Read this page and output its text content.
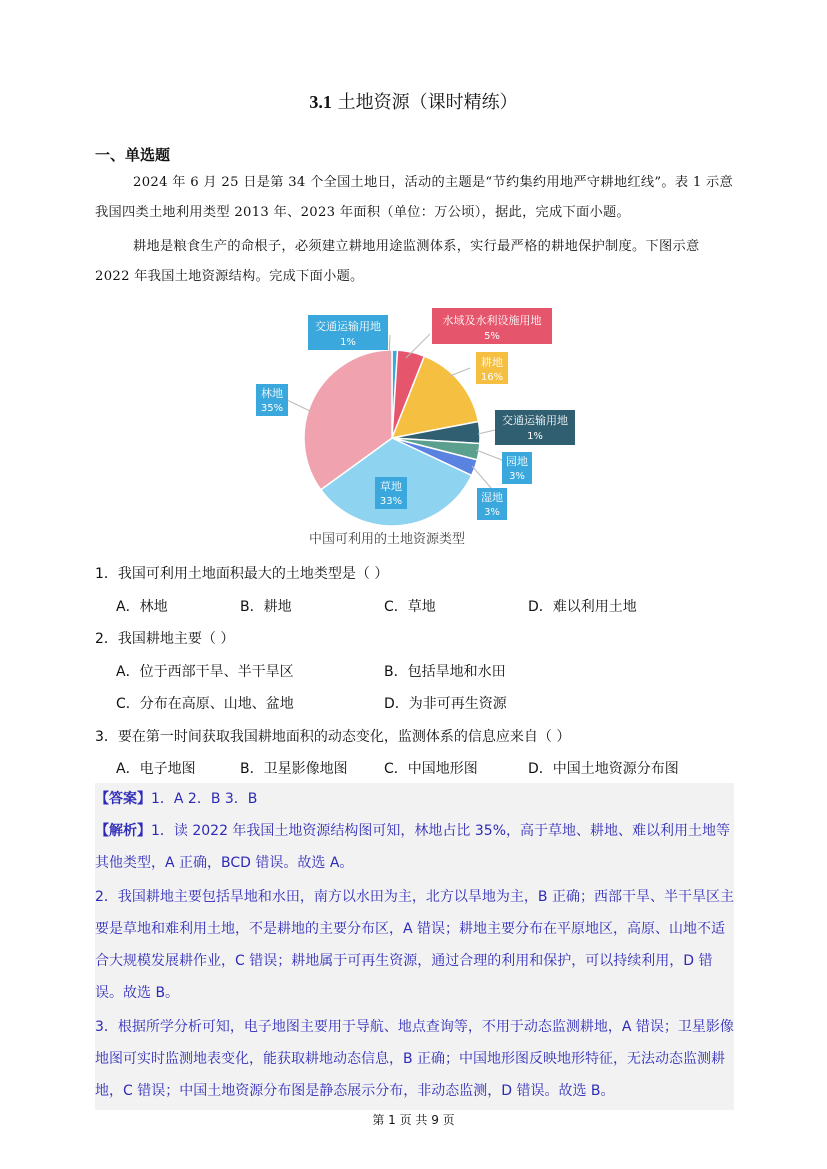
3.1 土地资源（课时精练）
一、单选题
2024 年 6 月 25 日是第 34 个全国土地日，活动的主题是“节约集约用地严守耕地红线”。表 1 示意我国四类土地利用类型 2013 年、2023 年面积（单位：万公顷），据此，完成下面小题。
耕地是粮食生产的命根子，必须建立耕地用途监测体系，实行最严格的耕地保护制度。下图示意 2022 年我国土地资源结构。完成下面小题。
交通运输用地
1%
水域及水利设施用地
5%
耕地
16%
交通运输用地
1%
园地
3%
湿地
3%
草地
33%
林地
35%
中国可利用的土地资源类型
1．我国可利用土地面积最大的土地类型是（ ）
A．林地	B．耕地	C．草地	D．难以利用土地
2．我国耕地主要（ ）
A．位于西部干旱、半干旱区	B．包括旱地和水田
C．分布在高原、山地、盆地	D．为非可再生资源
3．要在第一时间获取我国耕地面积的动态变化，监测体系的信息应来自（ ）
A．电子地图	B．卫星影像地图	C．中国地形图	D．中国土地资源分布图
【答案】1．A 2．B 3．B
【解析】1．读 2022 年我国土地资源结构图可知，林地占比 35%，高于草地、耕地、难以利用土地等其他类型，A 正确，BCD 错误。故选 A。
2．我国耕地主要包括旱地和水田，南方以水田为主，北方以旱地为主，B 正确；西部干旱、半干旱区主要是草地和难利用土地，不是耕地的主要分布区，A 错误；耕地主要分布在平原地区，高原、山地不适合大规模发展耕作业，C 错误；耕地属于可再生资源，通过合理的利用和保护，可以持续利用，D 错误。故选 B。
3．根据所学分析可知，电子地图主要用于导航、地点查询等，不用于动态监测耕地，A 错误；卫星影像地图可实时监测地表变化，能获取耕地动态信息，B 正确；中国地形图反映地形特征，无法动态监测耕地，C 错误；中国土地资源分布图是静态展示分布，非动态监测，D 错误。故选 B。
第 1 页 共 9 页
